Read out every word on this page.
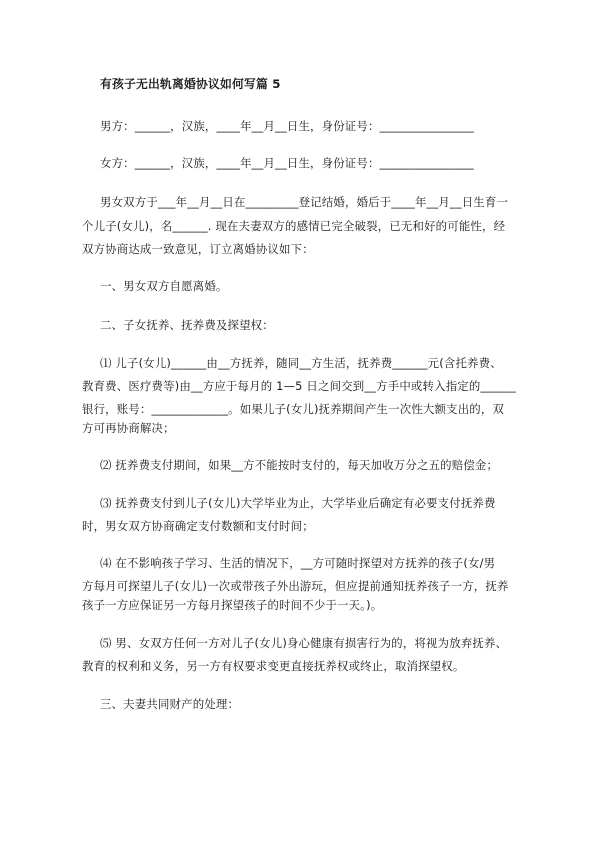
有孩子无出轨离婚协议如何写篇 5
男方：______，汉族，____年__月__日生，身份证号：________________
女方：______，汉族，____年__月__日生，身份证号：________________
男女双方于___年__月__日在_________登记结婚，婚后于____年__月__日生育一
个儿子(女儿)，名______. 现在夫妻双方的感情已完全破裂，已无和好的可能性，经
双方协商达成一致意见，订立离婚协议如下：
一、男女双方自愿离婚。
二、子女抚养、抚养费及探望权：
⑴ 儿子(女儿)______由__方抚养，随同__方生活，抚养费______元(含托养费、
教育费、医疗费等)由__方应于每月的 1—5 日之间交到__方手中或转入指定的______
银行，账号：_____________。如果儿子(女儿)抚养期间产生一次性大额支出的，双
方可再协商解决；
⑵ 抚养费支付期间，如果__方不能按时支付的，每天加收万分之五的赔偿金；
⑶ 抚养费支付到儿子(女儿)大学毕业为止，大学毕业后确定有必要支付抚养费
时，男女双方协商确定支付数额和支付时间；
⑷ 在不影响孩子学习、生活的情况下，__方可随时探望对方抚养的孩子(女/男
方每月可探望儿子(女儿)一次或带孩子外出游玩，但应提前通知抚养孩子一方，抚养
孩子一方应保证另一方每月探望孩子的时间不少于一天。)。
⑸ 男、女双方任何一方对儿子(女儿)身心健康有损害行为的，将视为放弃抚养、
教育的权利和义务，另一方有权要求变更直接抚养权或终止，取消探望权。
三、夫妻共同财产的处理：
